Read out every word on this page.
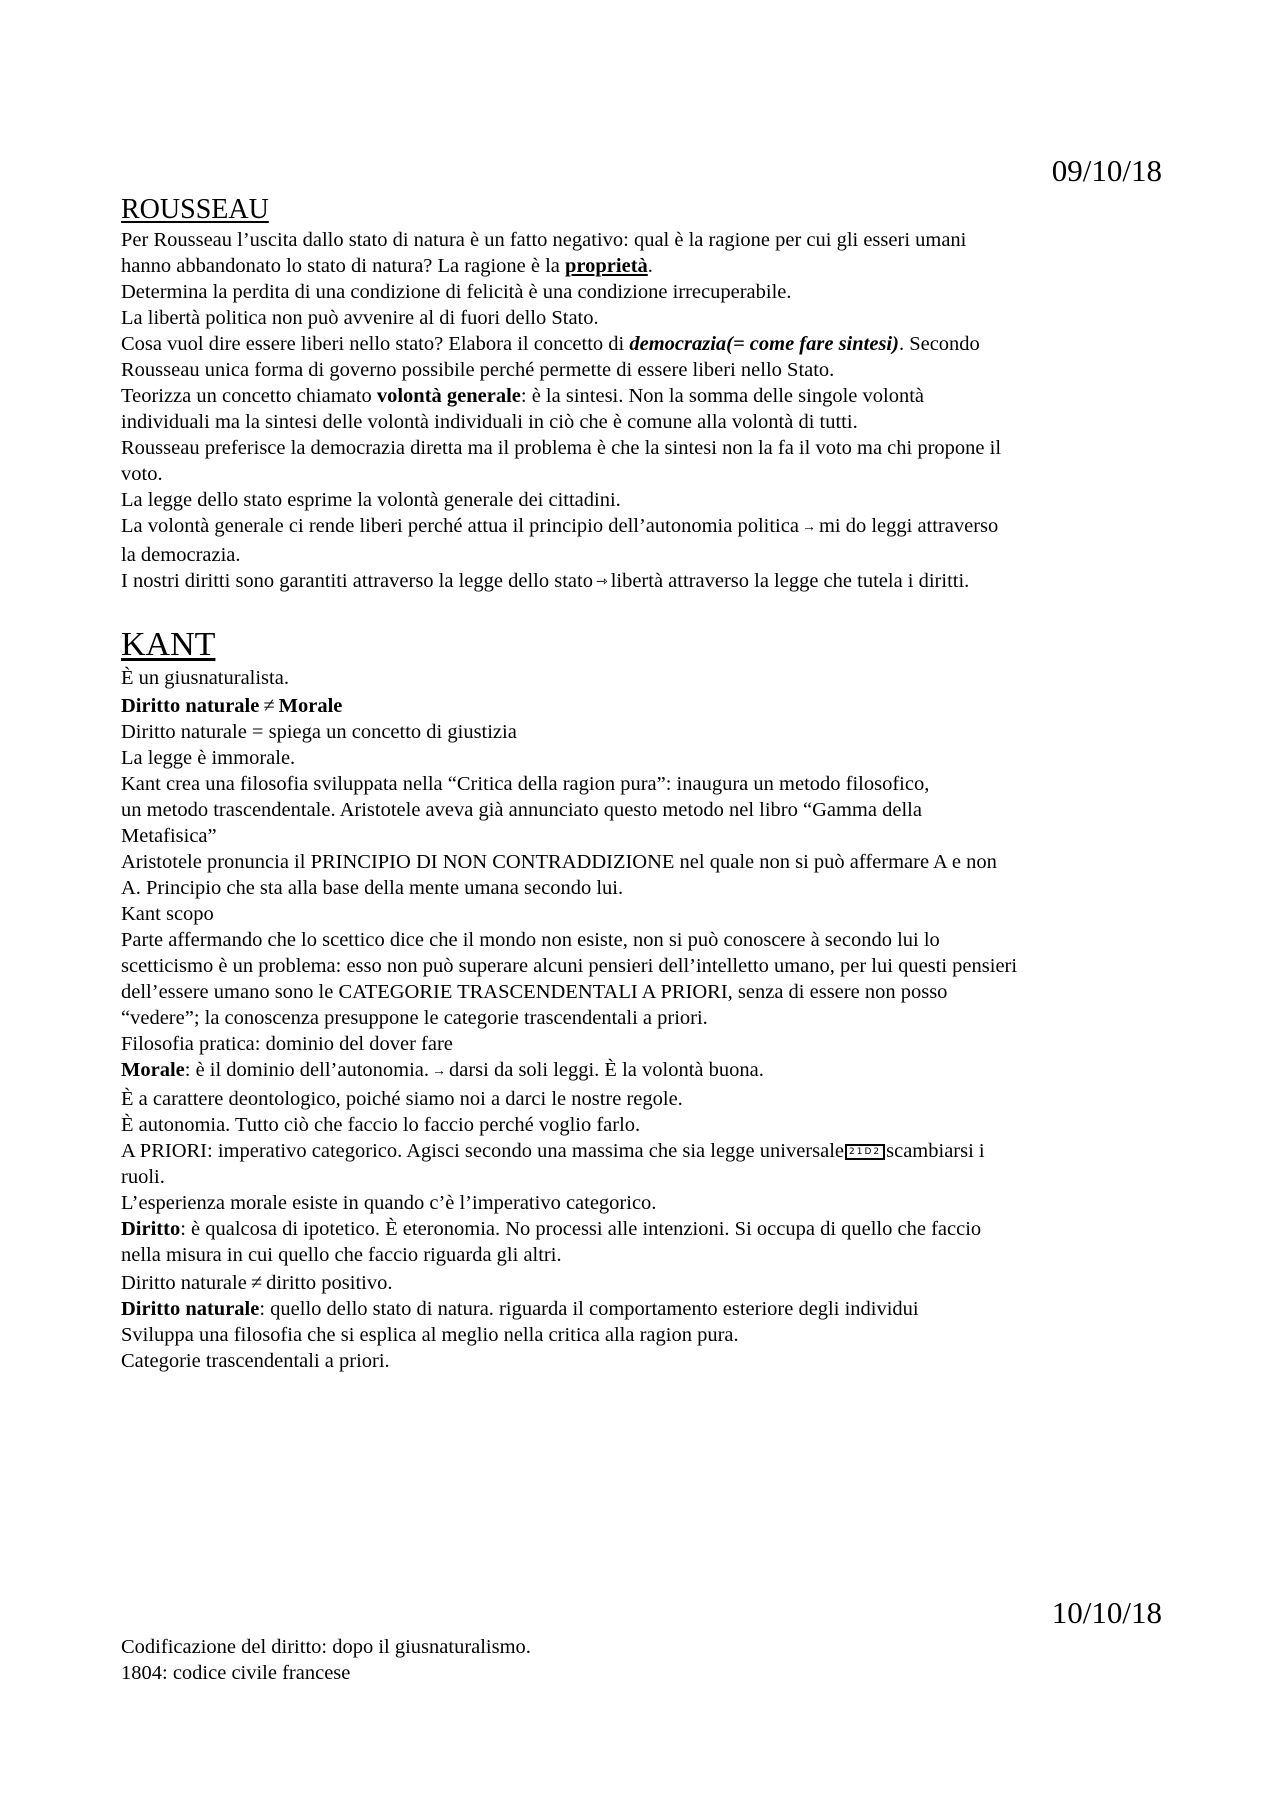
09/10/18
ROUSSEAU
Per Rousseau l’uscita dallo stato di natura è un fatto negativo: qual è la ragione per cui gli esseri umani
hanno abbandonato lo stato di natura? La ragione è la proprietà.
Determina la perdita di una condizione di felicità è una condizione irrecuperabile.
La libertà politica non può avvenire al di fuori dello Stato.
Cosa vuol dire essere liberi nello stato? Elabora il concetto di democrazia(= come fare sintesi). Secondo
Rousseau unica forma di governo possibile perché permette di essere liberi nello Stato.
Teorizza un concetto chiamato volontà generale: è la sintesi. Non la somma delle singole volontà
individuali ma la sintesi delle volontà individuali in ciò che è comune alla volontà di tutti.
Rousseau preferisce la democrazia diretta ma il problema è che la sintesi non la fa il voto ma chi propone il
voto.
La legge dello stato esprime la volontà generale dei cittadini.
La volontà generale ci rende liberi perché attua il principio dell’autonomia politica → mi do leggi attraverso
la democrazia.
I nostri diritti sono garantiti attraverso la legge dello stato ⇾ libertà attraverso la legge che tutela i diritti.
KANT
È un giusnaturalista.
Diritto naturale ≠ Morale
Diritto naturale = spiega un concetto di giustizia
La legge è immorale.
Kant crea una filosofia sviluppata nella “Critica della ragion pura”: inaugura un metodo filosofico,
un metodo trascendentale. Aristotele aveva già annunciato questo metodo nel libro “Gamma della
Metafisica”
Aristotele pronuncia il PRINCIPIO DI NON CONTRADDIZIONE nel quale non si può affermare A e non
A. Principio che sta alla base della mente umana secondo lui.
Kant scopo
Parte affermando che lo scettico dice che il mondo non esiste, non si può conoscere à secondo lui lo
scetticismo è un problema: esso non può superare alcuni pensieri dell’intelletto umano, per lui questi pensieri
dell’essere umano sono le CATEGORIE TRASCENDENTALI A PRIORI, senza di essere non posso
“vedere”; la conoscenza presuppone le categorie trascendentali a priori.
Filosofia pratica: dominio del dover fare
Morale: è il dominio dell’autonomia. → darsi da soli leggi. È la volontà buona.
È a carattere deontologico, poiché siamo noi a darci le nostre regole.
È autonomia. Tutto ciò che faccio lo faccio perché voglio farlo.
A PRIORI: imperativo categorico. Agisci secondo una massima che sia legge universale 21D2 scambiarsi i
ruoli.
L’esperienza morale esiste in quando c’è l’imperativo categorico.
Diritto: è qualcosa di ipotetico. È eteronomia. No processi alle intenzioni. Si occupa di quello che faccio
nella misura in cui quello che faccio riguarda gli altri.
Diritto naturale ≠ diritto positivo.
Diritto naturale: quello dello stato di natura. riguarda il comportamento esteriore degli individui
Sviluppa una filosofia che si esplica al meglio nella critica alla ragion pura.
Categorie trascendentali a priori.
10/10/18
Codificazione del diritto: dopo il giusnaturalismo.
1804: codice civile francese
